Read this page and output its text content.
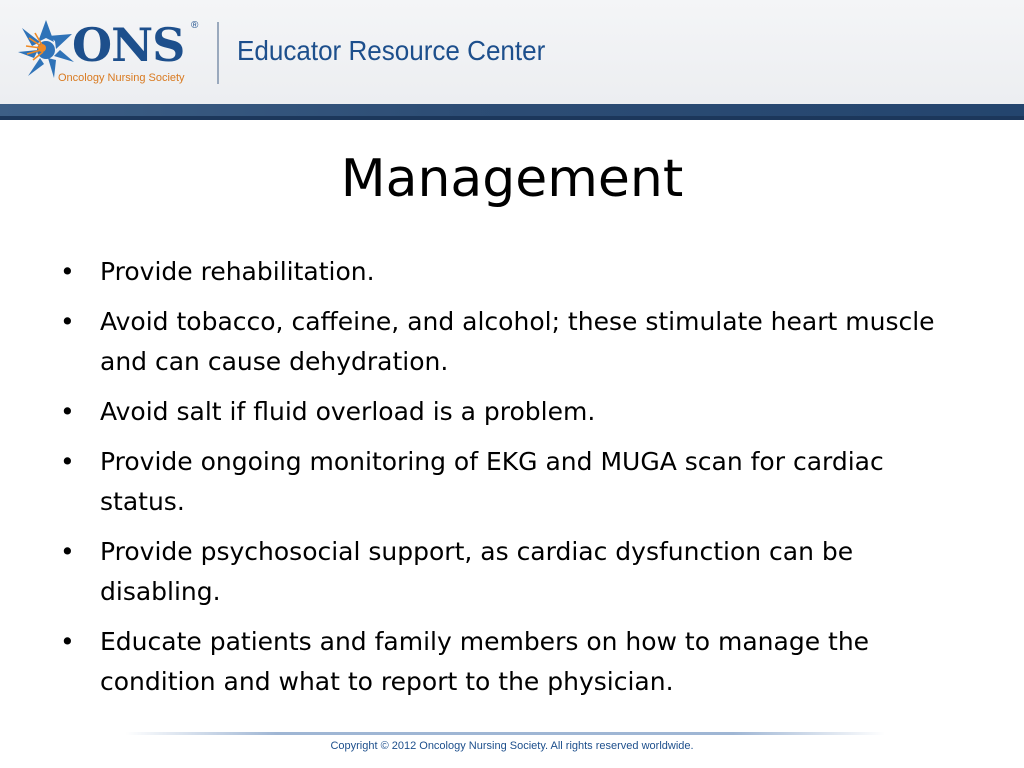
ONS ®
Oncology Nursing Society
Educator Resource Center
Management
• Provide rehabilitation.
• Avoid tobacco, caffeine, and alcohol; these stimulate heart muscle and can cause dehydration.
• Avoid salt if fluid overload is a problem.
• Provide ongoing monitoring of EKG and MUGA scan for cardiac status.
• Provide psychosocial support, as cardiac dysfunction can be disabling.
• Educate patients and family members on how to manage the condition and what to report to the physician.
Copyright © 2012 Oncology Nursing Society. All rights reserved worldwide.
